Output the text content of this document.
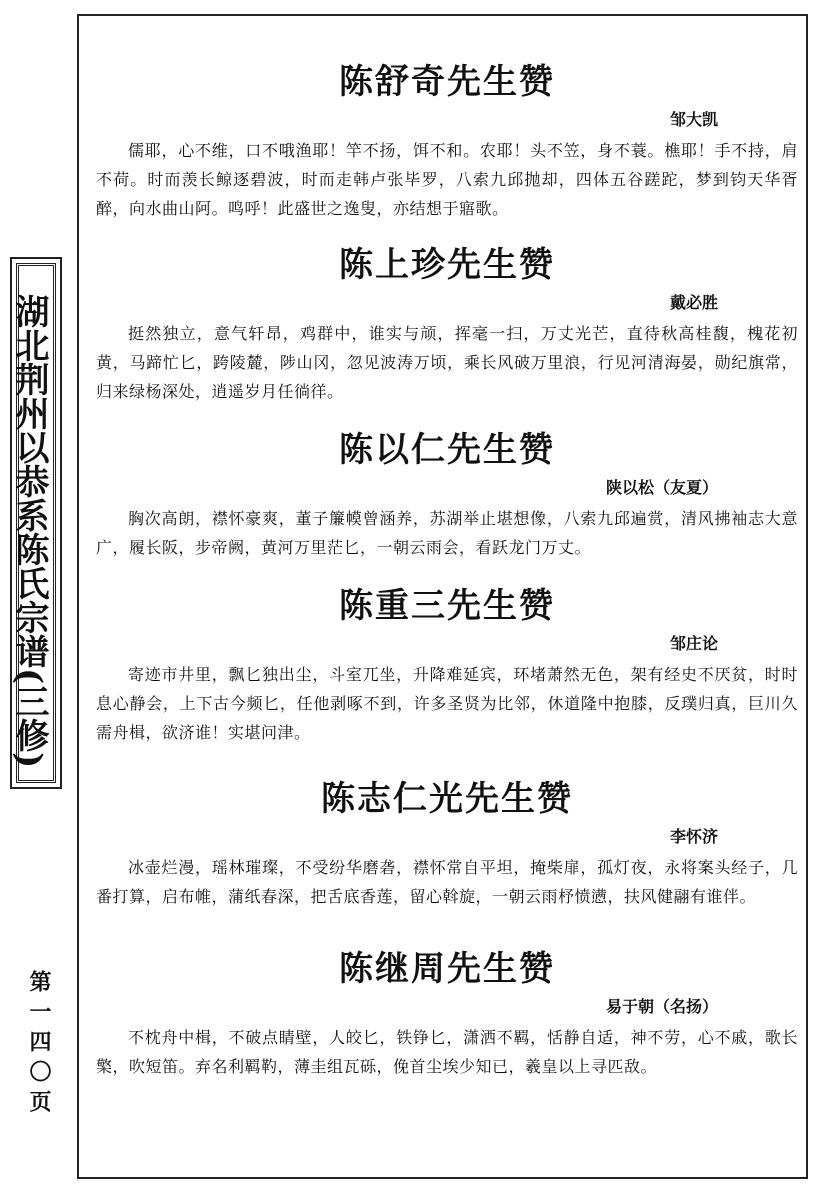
湖北荆州以恭系陈氏宗谱(三修)
第一四〇页
陈舒奇先生赞
邹大凯

儒耶，心不维，口不哦渔耶！竿不扬，饵不和。农耶！头不笠，身不蓑。樵耶！手不持，肩不荷。时而羡长鲸逐碧波，时而走韩卢张毕罗，八索九邱抛却，四体五谷蹉跎，梦到钧天华胥醉，向水曲山阿。鸣呼！此盛世之逸叟，亦结想于寤歌。

陈上珍先生赞
戴必胜

挺然独立，意气轩昂，鸡群中，谁实与颃，挥毫一扫，万丈光芒，直待秋高桂馥，槐花初黄，马蹄忙匕，跨陵麓，陟山冈，忽见波涛万顷，乘长风破万里浪，行见河清海晏，勋纪旗常，归来绿杨深处，逍遥岁月任徜徉。

陈以仁先生赞
陕以松（友夏）

胸次高朗，襟怀豪爽，董子簾幙曾涵养，苏湖举止堪想像，八索九邱遍赏，清风拂袖志大意广，履长阪，步帝阙，黄河万里茫匕，一朝云雨会，看跃龙门万丈。

陈重三先生赞
邹庄论

寄迹市井里，飘匕独出尘，斗室兀坐，升降难延宾，环堵萧然无色，架有经史不厌贫，时时息心静会，上下古今频匕，任他剥啄不到，许多圣贤为比邻，休道隆中抱膝，反璞归真，巨川久需舟楫，欲济谁！实堪问津。

陈志仁光先生赞
李怀济

冰壶烂漫，瑶林璀璨，不受纷华磨砻，襟怀常自平坦，掩柴扉，孤灯夜，永将案头经子，几番打算，启布帷，蒲纸春深，把舌底香莲，留心斡旋，一朝云雨杼愤懑，扶风健翮有谁伴。

陈继周先生赞
易于朝（名扬）

不枕舟中楫，不破点睛壁，人皎匕，铁铮匕，潇洒不羁，恬静自适，神不劳，心不戚，歌长檠，吹短笛。弃名利羁靮，薄圭组瓦砾，俛首尘埃少知已，羲皇以上寻匹敌。
